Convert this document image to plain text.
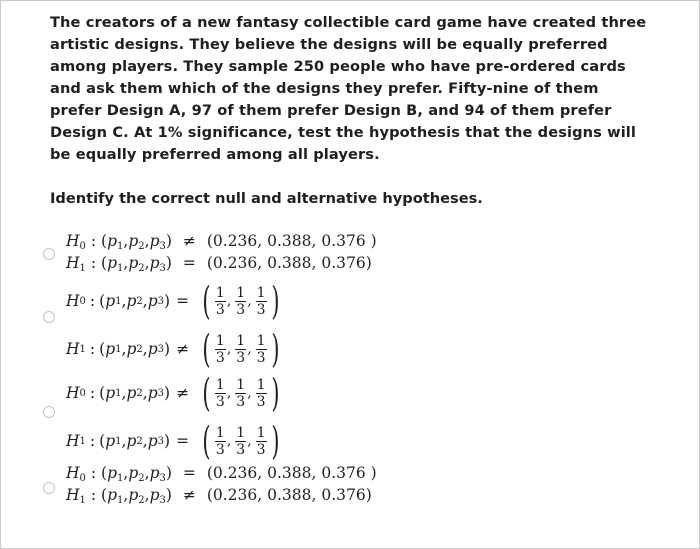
The creators of a new fantasy collectible card game have created three artistic designs. They believe the designs will be equally preferred among players. They sample 250 people who have pre-ordered cards and ask them which of the designs they prefer. Fifty-nine of them prefer Design A, 97 of them prefer Design B, and 94 of them prefer Design C. At 1% significance, test the hypothesis that the designs will be equally preferred among all players.
Identify the correct null and alternative hypotheses.
$H_0$ : $(p_1,p_2,p_3) \ne (0.236$, 0.388, 0.376 )
$H_1$ : $(p_1,p_2,p_3) = (0.236$, 0.388, 0.376)
H 0 : ( p 1 , p 2 , p 3 ) = ( $\frac{1}{3}$ , $\frac{1}{3}$ , $\frac{1}{3}$ )
H 1 : ( p 1 , p 2 , p 3 ) ≠ ( $\frac{1}{3}$ , $\frac{1}{3}$ , $\frac{1}{3}$ )
H 0 : ( p 1 , p 2 , p 3 ) ≠ ( $\frac{1}{3}$ , $\frac{1}{3}$ , $\frac{1}{3}$ )
H 1 : ( p 1 , p 2 , p 3 ) = ( $\frac{1}{3}$ , $\frac{1}{3}$ , $\frac{1}{3}$ )
$H_0$ : $(p_1,p_2,p_3) = (0.236$, 0.388, 0.376 )
$H_1$ : $(p_1,p_2,p_3) \ne (0.236$, 0.388, 0.376)
